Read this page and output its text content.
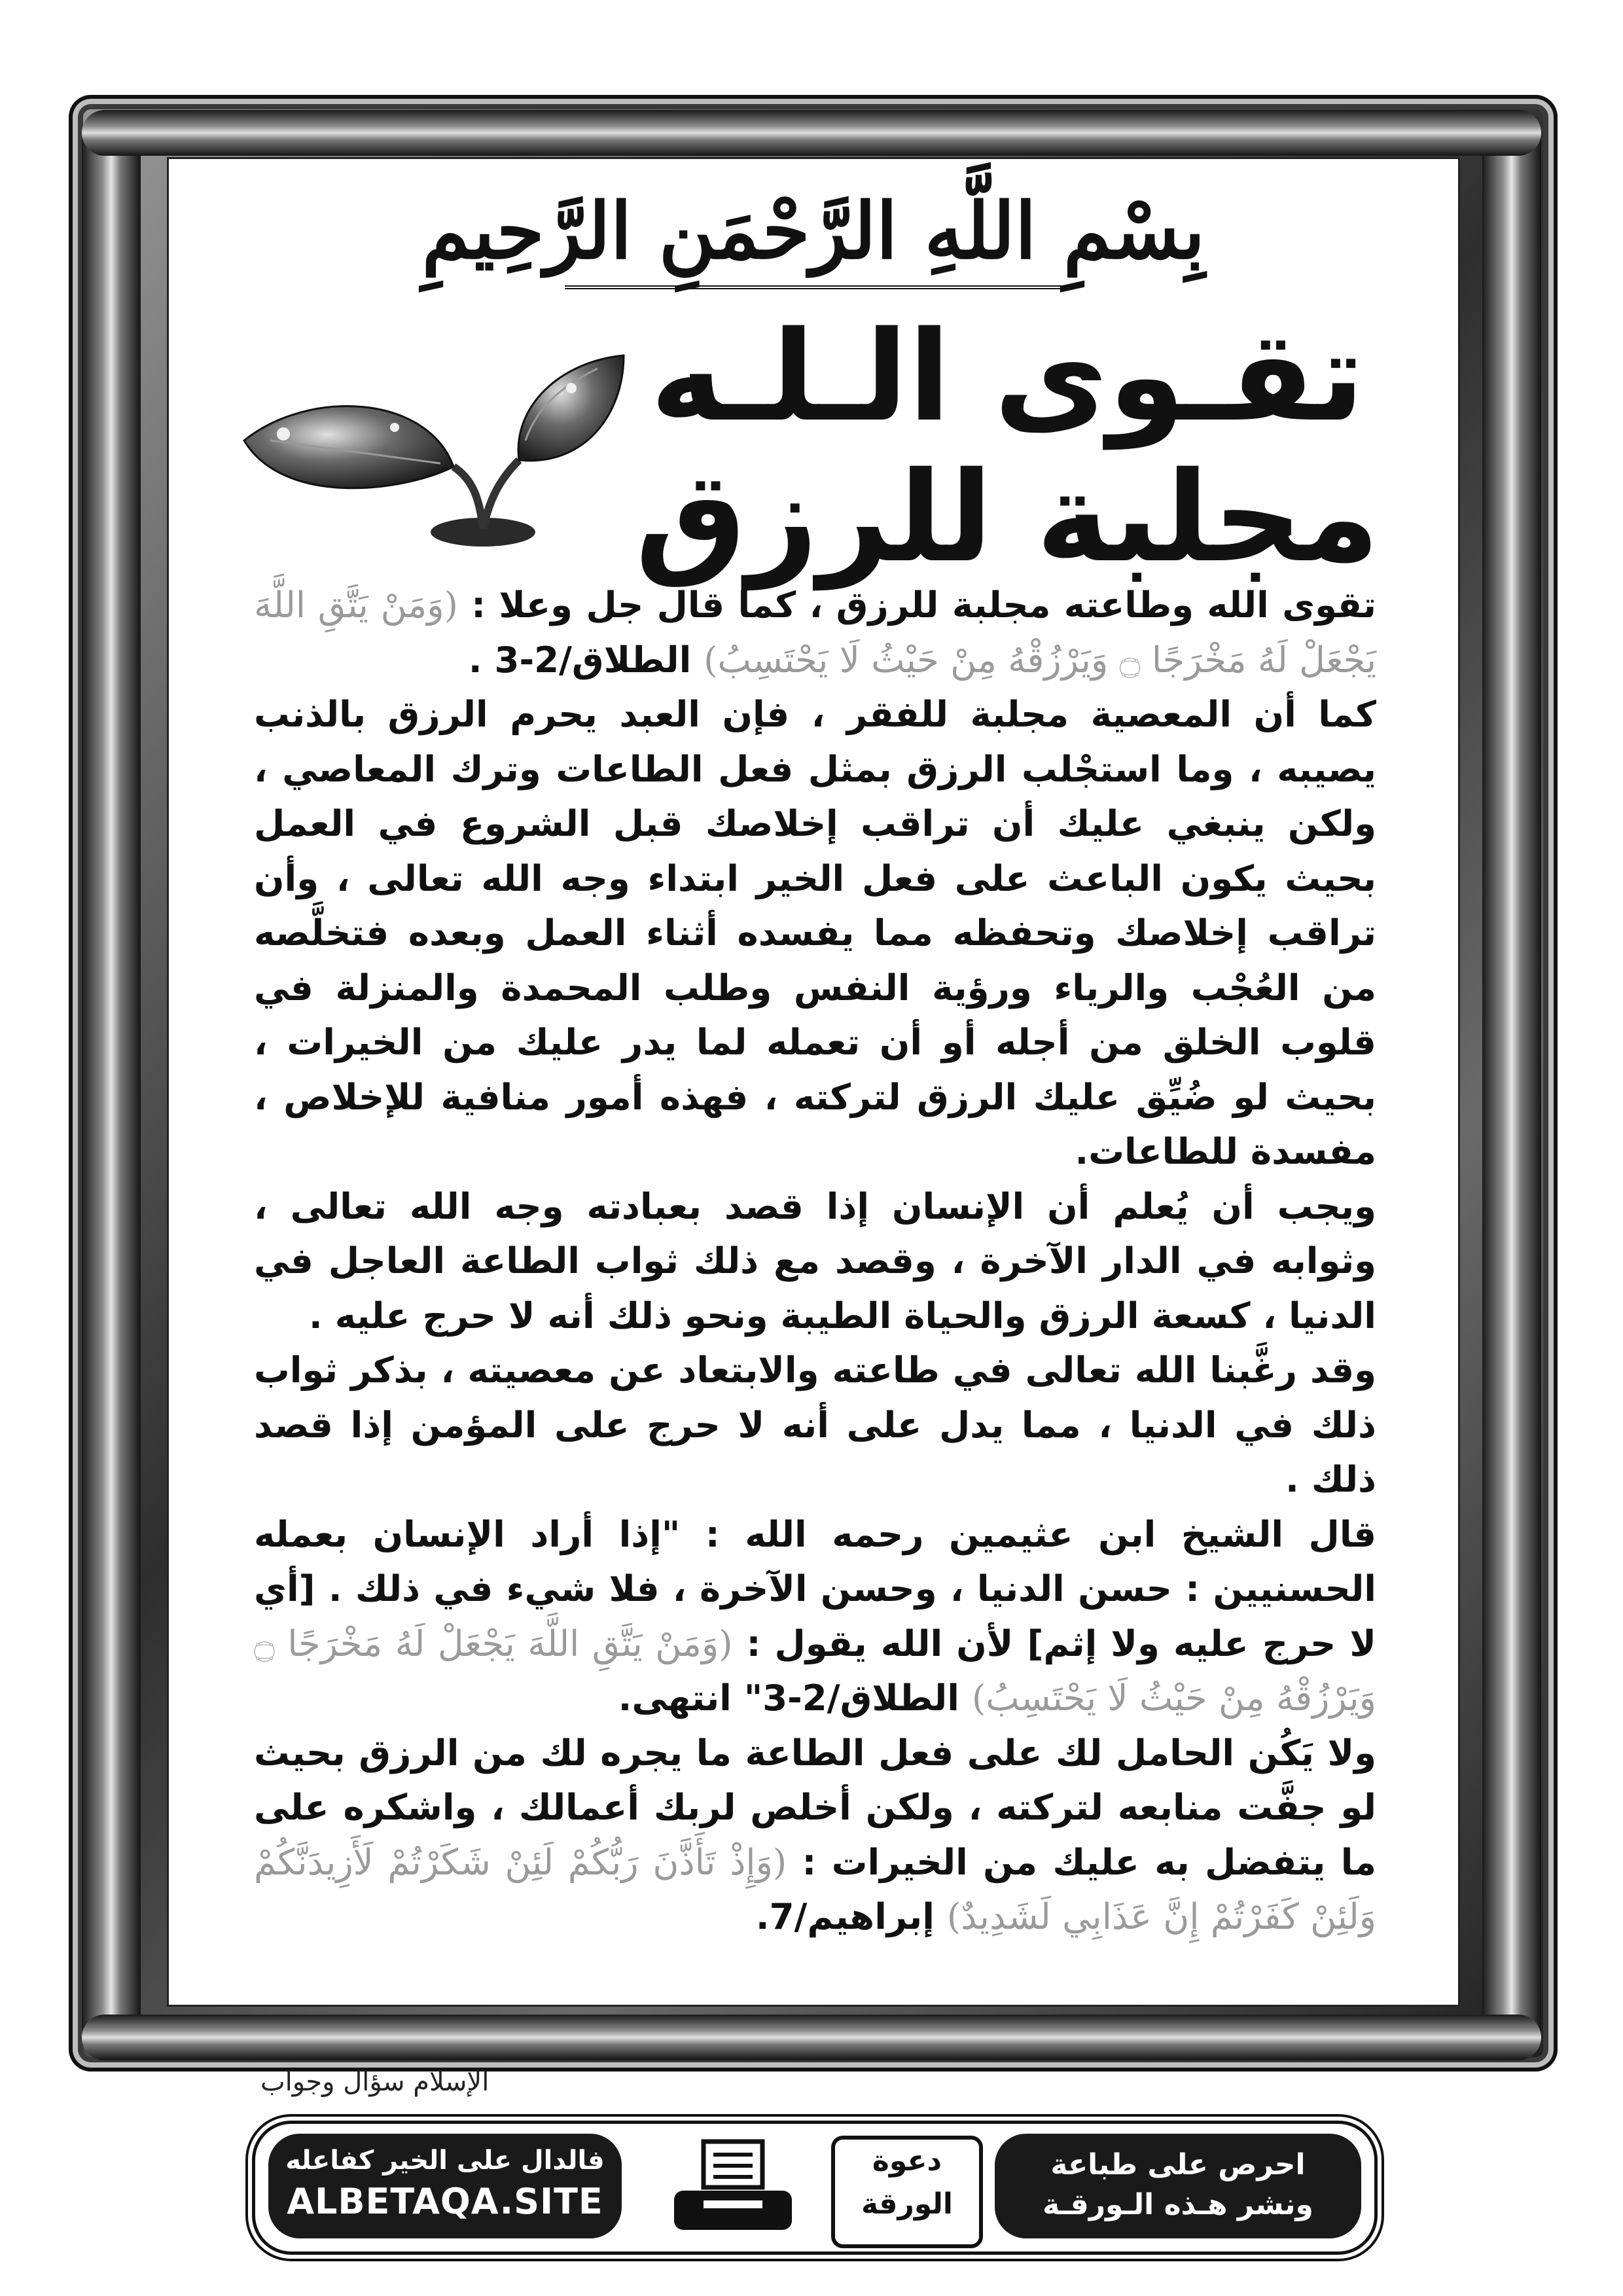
بِسْمِ اللَّهِ الرَّحْمَنِ الرَّحِيمِ
تقـوى الـلـه
مجلبة للرزق

تقوى الله وطاعته مجلبة للرزق ، كما قال جل وعلا : (وَمَنْ يَتَّقِ اللَّهَ يَجْعَلْ لَهُ مَخْرَجًا ۝ وَيَرْزُقْهُ مِنْ حَيْثُ لَا يَحْتَسِبُ) الطلاق/2-3 .

كما أن المعصية مجلبة للفقر ، فإن العبد يحرم الرزق بالذنب يصيبه ، وما استجْلب الرزق بمثل فعل الطاعات وترك المعاصي ، ولكن ينبغي عليك أن تراقب إخلاصك قبل الشروع في العمل بحيث يكون الباعث على فعل الخير ابتداء وجه الله تعالى ، وأن تراقب إخلاصك وتحفظه مما يفسده أثناء العمل وبعده فتخلَّصه من العُجْب والرياء ورؤية النفس وطلب المحمدة والمنزلة في قلوب الخلق من أجله أو أن تعمله لما يدر عليك من الخيرات ، بحيث لو ضُيِّق عليك الرزق لتركته ، فهذه أمور منافية للإخلاص ، مفسدة للطاعات.

ويجب أن يُعلم أن الإنسان إذا قصد بعبادته وجه الله تعالى ، وثوابه في الدار الآخرة ، وقصد مع ذلك ثواب الطاعة العاجل في الدنيا ، كسعة الرزق والحياة الطيبة ونحو ذلك أنه لا حرج عليه .

وقد رغَّبنا الله تعالى في طاعته والابتعاد عن معصيته ، بذكر ثواب ذلك في الدنيا ، مما يدل على أنه لا حرج على المؤمن إذا قصد ذلك .

قال الشيخ ابن عثيمين رحمه الله : "إذا أراد الإنسان بعمله الحسنيين : حسن الدنيا ، وحسن الآخرة ، فلا شيء في ذلك . [أي لا حرج عليه ولا إثم] لأن الله يقول : (وَمَنْ يَتَّقِ اللَّهَ يَجْعَلْ لَهُ مَخْرَجًا ۝ وَيَرْزُقْهُ مِنْ حَيْثُ لَا يَحْتَسِبُ) الطلاق/2-3" انتهى.

ولا يَكُن الحامل لك على فعل الطاعة ما يجره لك من الرزق بحيث لو جفَّت منابعه لتركته ، ولكن أخلص لربك أعمالك ، واشكره على ما يتفضل به عليك من الخيرات : (وَإِذْ تَأَذَّنَ رَبُّكُمْ لَئِنْ شَكَرْتُمْ لَأَزِيدَنَّكُمْ وَلَئِنْ كَفَرْتُمْ إِنَّ عَذَابِي لَشَدِيدٌ) إبراهيم/7.

الإسلام سؤال وجواب
فالدال على الخير كفاعله
ALBETAQA.SITE
دعوة الورقة
احرص على طباعة
ونشر هـذه الـورقـة
